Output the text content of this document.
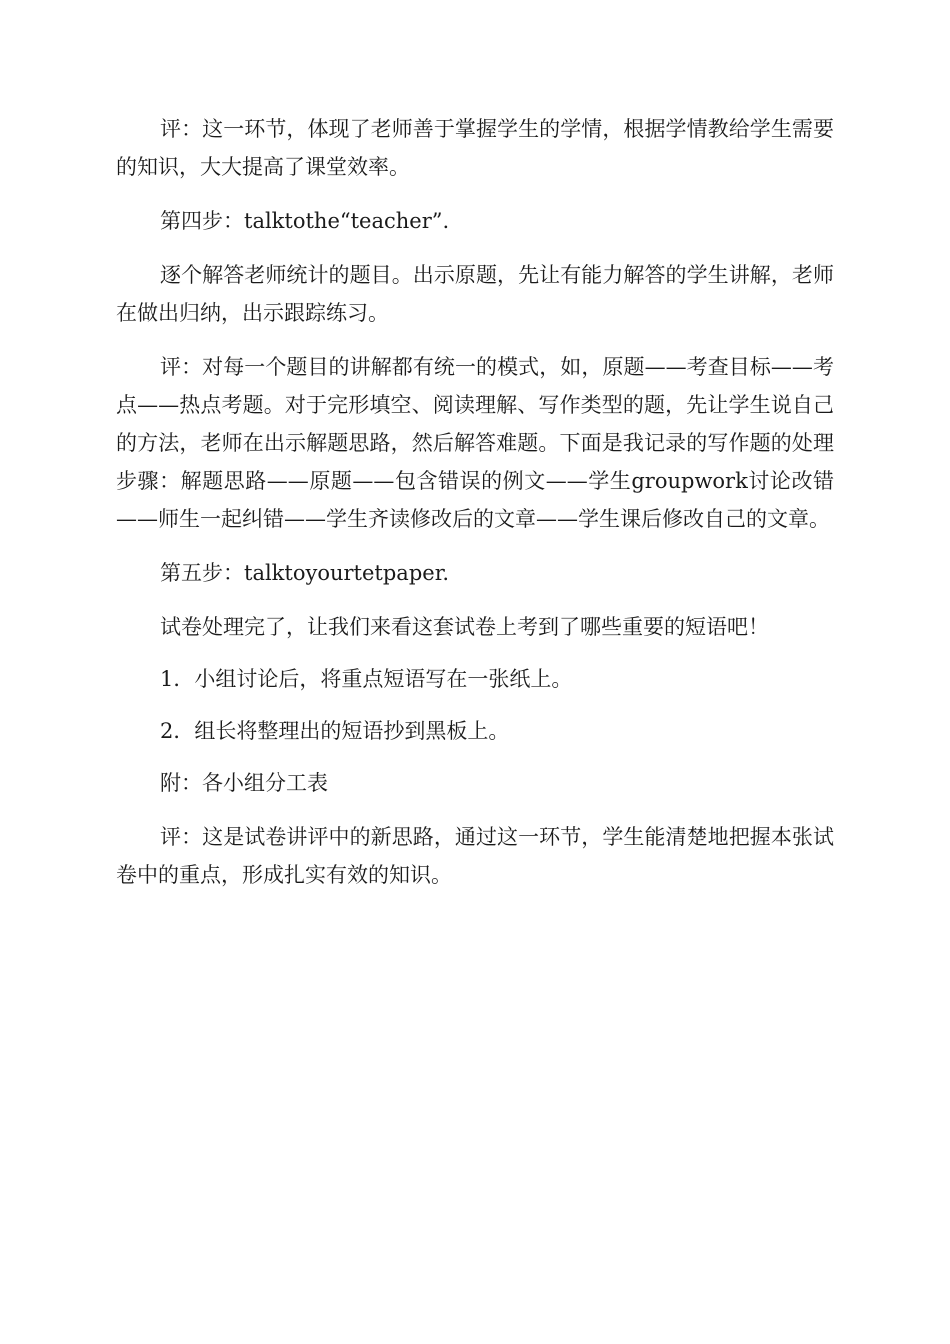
评：这一环节，体现了老师善于掌握学生的学情，根据学情教给学生需要的知识，大大提高了课堂效率。

第四步：talktothe“teacher”.

逐个解答老师统计的题目。出示原题，先让有能力解答的学生讲解，老师在做出归纳，出示跟踪练习。

评：对每一个题目的讲解都有统一的模式，如，原题——考查目标——考点——热点考题。对于完形填空、阅读理解、写作类型的题，先让学生说自己的方法，老师在出示解题思路，然后解答难题。下面是我记录的写作题的处理步骤：解题思路——原题——包含错误的例文——学生groupwork讨论改错——师生一起纠错——学生齐读修改后的文章——学生课后修改自己的文章。

第五步：talktoyourtetpaper.

试卷处理完了，让我们来看这套试卷上考到了哪些重要的短语吧！

1．小组讨论后，将重点短语写在一张纸上。

2．组长将整理出的短语抄到黑板上。

附：各小组分工表

评：这是试卷讲评中的新思路，通过这一环节，学生能清楚地把握本张试卷中的重点，形成扎实有效的知识。
